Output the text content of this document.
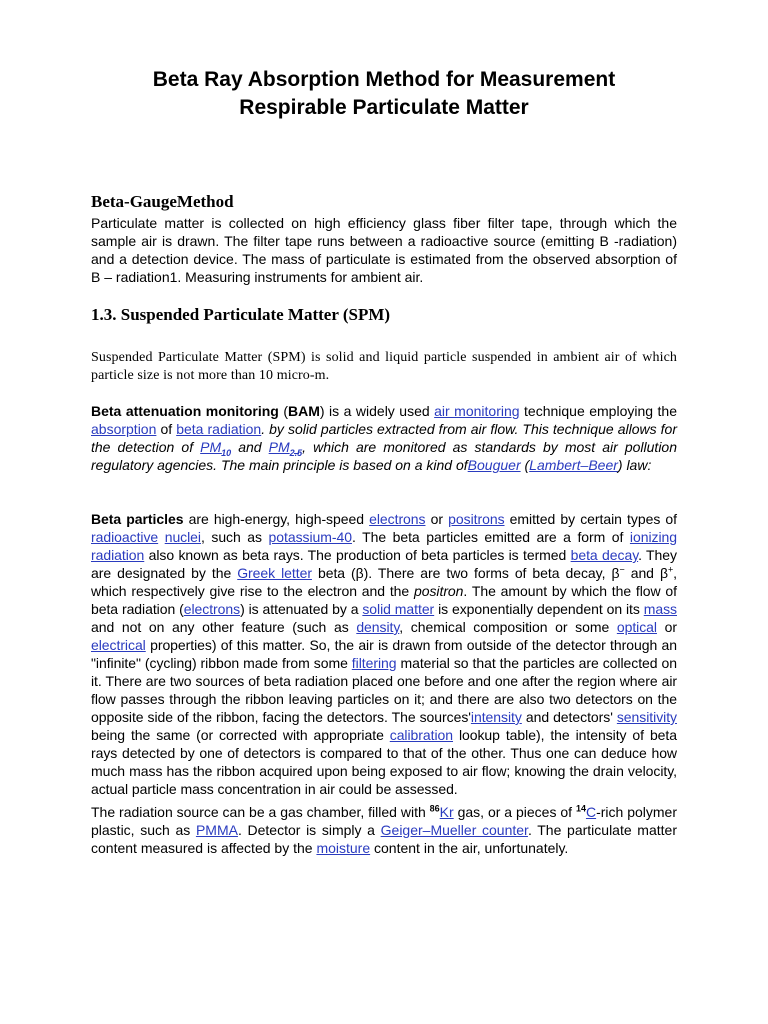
Beta Ray Absorption Method for Measurement
Respirable Particulate Matter
Beta-GaugeMethod

Particulate matter is collected on high efficiency glass fiber filter tape, through which the sample air is drawn. The filter tape runs between a radioactive source (emitting B -radiation) and a detection device. The mass of particulate is estimated from the observed absorption of B – radiation1. Measuring instruments for ambient air.

1.3. Suspended Particulate Matter (SPM)

Suspended Particulate Matter (SPM) is solid and liquid particle suspended in ambient air of which particle size is not more than 10 micro-m.

Beta attenuation monitoring (BAM) is a widely used air monitoring technique employing the absorption of beta radiation. by solid particles extracted from air flow. This technique allows for the detection of $PM_{10}$ and $PM_{2.5}$, which are monitored as standards by most air pollution regulatory agencies. The main principle is based on a kind ofBouguer (Lambert–Beer) law:

Beta particles are high-energy, high-speed electrons or positrons emitted by certain types of radioactive nuclei, such as potassium-40. The beta particles emitted are a form of ionizing radiation also known as beta rays. The production of beta particles is termed beta decay. They are designated by the Greek letter beta (β). There are two forms of beta decay, β− and β+, which respectively give rise to the electron and the positron. The amount by which the flow of beta radiation (electrons) is attenuated by a solid matter is exponentially dependent on its mass and not on any other feature (such as density, chemical composition or some optical or electrical properties) of this matter. So, the air is drawn from outside of the detector through an "infinite" (cycling) ribbon made from some filtering material so that the particles are collected on it. There are two sources of beta radiation placed one before and one after the region where air flow passes through the ribbon leaving particles on it; and there are also two detectors on the opposite side of the ribbon, facing the detectors. The sources'intensity and detectors' sensitivity being the same (or corrected with appropriate calibration lookup table), the intensity of beta rays detected by one of detectors is compared to that of the other. Thus one can deduce how much mass has the ribbon acquired upon being exposed to air flow; knowing the drain velocity, actual particle mass concentration in air could be assessed.

The radiation source can be a gas chamber, filled with $^{86}$Kr gas, or a pieces of $^{14}$C-rich polymer plastic, such as PMMA. Detector is simply a Geiger–Mueller counter. The particulate matter content measured is affected by the moisture content in the air, unfortunately.
